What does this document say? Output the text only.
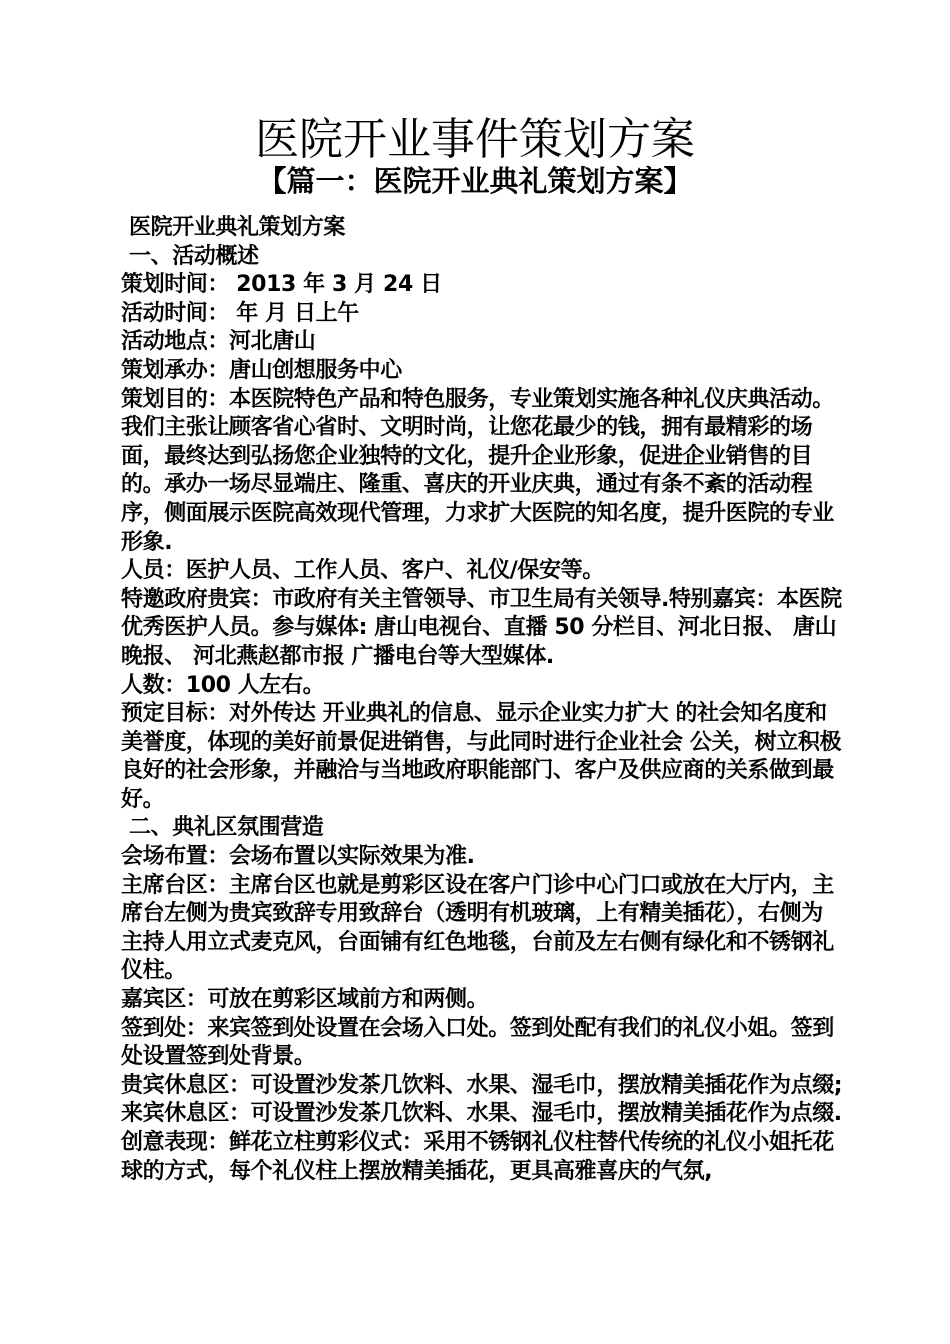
医院开业事件策划方案
【篇一：医院开业典礼策划方案】

医院开业典礼策划方案

一、活动概述

策划时间： 2013 年 3 月 24 日

活动时间： 年 月 日上午

活动地点：河北唐山

策划承办：唐山创想服务中心

策划目的：本医院特色产品和特色服务，专业策划实施各种礼仪庆典活动。我们主张让顾客省心省时、文明时尚，让您花最少的钱，拥有最精彩的场面，最终达到弘扬您企业独特的文化，提升企业形象，促进企业销售的目的。承办一场尽显端庄、隆重、喜庆的开业庆典，通过有条不紊的活动程序，侧面展示医院高效现代管理，力求扩大医院的知名度，提升医院的专业形象.

人员：医护人员、工作人员、客户、礼仪/保安等。

特邀政府贵宾：市政府有关主管领导、市卫生局有关领导.特别嘉宾：本医院优秀医护人员。参与媒体: 唐山电视台、直播 50 分栏目、河北日报、 唐山晚报、 河北燕赵都市报 广播电台等大型媒体.

人数：100 人左右。

预定目标：对外传达 开业典礼的信息、显示企业实力扩大 的社会知名度和美誉度，体现的美好前景促进销售，与此同时进行企业社会 公关，树立积极良好的社会形象，并融洽与当地政府职能部门、客户及供应商的关系做到最好。

二、典礼区氛围营造

会场布置：会场布置以实际效果为准.

主席台区：主席台区也就是剪彩区设在客户门诊中心门口或放在大厅内，主席台左侧为贵宾致辞专用致辞台（透明有机玻璃，上有精美插花），右侧为主持人用立式麦克风，台面铺有红色地毯，台前及左右侧有绿化和不锈钢礼仪柱。

嘉宾区：可放在剪彩区域前方和两侧。

签到处：来宾签到处设置在会场入口处。签到处配有我们的礼仪小姐。签到处设置签到处背景。

贵宾休息区：可设置沙发茶几饮料、水果、湿毛巾，摆放精美插花作为点缀;来宾休息区：可设置沙发茶几饮料、水果、湿毛巾，摆放精美插花作为点缀.

创意表现：鲜花立柱剪彩仪式：采用不锈钢礼仪柱替代传统的礼仪小姐托花球的方式，每个礼仪柱上摆放精美插花，更具高雅喜庆的气氛,
